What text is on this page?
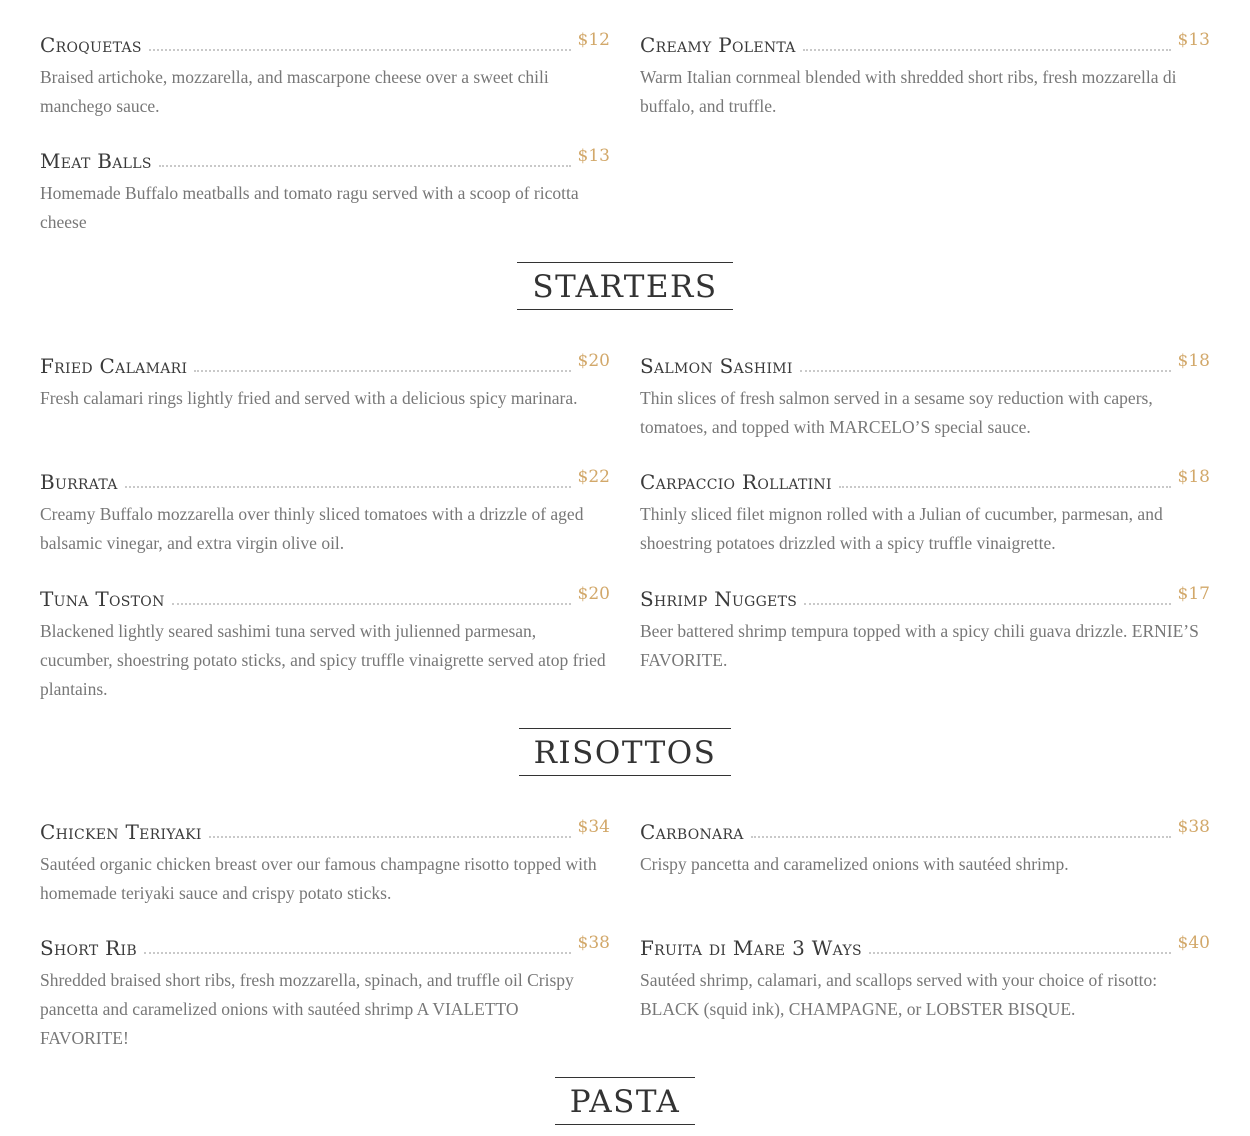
Croquetas	$12
Braised artichoke, mozzarella, and mascarpone cheese over a sweet chili manchego sauce.
Creamy Polenta	$13
Warm Italian cornmeal blended with shredded short ribs, fresh mozzarella di buffalo, and truffle.
Meat Balls	$13
Homemade Buffalo meatballs and tomato ragu served with a scoop of ricotta cheese
STARTERS
Fried Calamari	$20
Fresh calamari rings lightly fried and served with a delicious spicy marinara.
Salmon Sashimi	$18
Thin slices of fresh salmon served in a sesame soy reduction with capers, tomatoes, and topped with MARCELO’S special sauce.
Burrata	$22
Creamy Buffalo mozzarella over thinly sliced tomatoes with a drizzle of aged balsamic vinegar, and extra virgin olive oil.
Carpaccio Rollatini	$18
Thinly sliced filet mignon rolled with a Julian of cucumber, parmesan, and shoestring potatoes drizzled with a spicy truffle vinaigrette.
Tuna Toston	$20
Blackened lightly seared sashimi tuna served with julienned parmesan, cucumber, shoestring potato sticks, and spicy truffle vinaigrette served atop fried plantains.
Shrimp Nuggets	$17
Beer battered shrimp tempura topped with a spicy chili guava drizzle. ERNIE’S FAVORITE.
RISOTTOS
Chicken Teriyaki	$34
Sautéed organic chicken breast over our famous champagne risotto topped with homemade teriyaki sauce and crispy potato sticks.
Carbonara	$38
Crispy pancetta and caramelized onions with sautéed shrimp.
Short Rib	$38
Shredded braised short ribs, fresh mozzarella, spinach, and truffle oil Crispy pancetta and caramelized onions with sautéed shrimp A VIALETTO FAVORITE!
Fruita di Mare 3 Ways	$40
Sautéed shrimp, calamari, and scallops served with your choice of risotto: BLACK (squid ink), CHAMPAGNE, or LOBSTER BISQUE.
PASTA
